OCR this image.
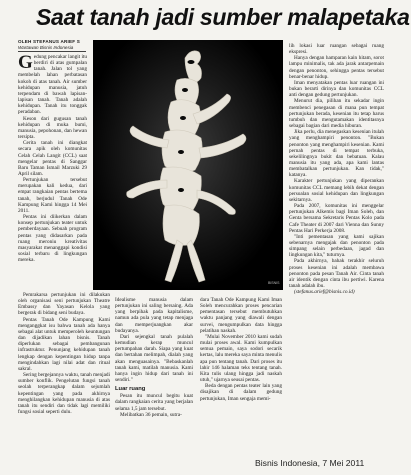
Saat tanah jadi sumber malapetaka
OLEH STEFANUS ARIEF S
Wartawan Bisnis Indonesia

Gedung pencakar langit itu berdiri di atas gumpalan tanah. Jalan tol yang membelah lahan perbatasan kokoh di atas tanah. Air sumber kehidupan manusia, jatuh terpendam di bawah lapisan-lapisan tanah. Tanah adalah kehidupan. Tanah itu tonggak peradaban.

Keson dari gugusan tanah kehidupan di muka bumi, manusia, pepohonan, dan hewan tersiptа.

Cerita tanah ini diangkat secara apik oleh komunitas Celah Celah Langit (CCL) saat mengelar pentas di Sanggar Baru Taman Ismail Marzuki 29 April silam.

Pertunjukan tersebut merupakan kali kedua, dari empat rangkaian pentas bertema tanah, berjudul Tanah Ode Kampung Kami hingga 14 Mei 2011.

Pentas ini diikerkan dalam konsep pertunjukan teater untuk pemberdayaan. Sebuah program pentas yang didasarkan pada ruang meroniu kreativitas masyarakat menanggapi kondisi sosial terbaru di lingkungan mereka.

BISNIS

Pemrakarsa pertunjukan ini dilakukan oleh organisasi seni pertunjukan Theatre Embassy dan Yayasan Kelola yang bergerak di bidang seni budaya.

Pentas Tanah Ode Kampung Kami menganggkat isu bahwa tanah ada hanya sebagai alat untuk memperoleh keuntungan dan dijadikan lahan bisnis. Tanah diperlukan sebagai pembangunan infrastruktur. Penunjang kehidupan tanah lengkap dengan kepentingan hidup tanpa mengindahkan lagi nilai adat dan ritual sakral.

Sering bergejannya waktu, tanah menjadi sumber konflik. Pengelutan fungsi tanah seolah terperangkap dalam sejumlah kepentingan yang pada akhirnya menghilangkan kehidupan manusia di atas tanah itu sendiri dan tidak lagi memiliki fungsi sosial seperti dulu.

Idealisme manusia dalam pertunjukan ini saling bersaing. Ada yang berpihak pada kapitalisme, namun ada pula yang tetap menjaga dan memperjuangkan akar budayanya.

Dari sejengkal tanah pulalah kemudian kerap muncul pertumpahan darah. Siapa yang kuat dan bertahan melimpah, dialah yang akan menguasainya. "Bebaskanlah tanah kami, matilah manusia. Kami hanya ingin hidup dari tanah ini sendiri."

Luar ruang

Pesan itu muncul begitu kuat dalam rangkaian cerita yang berjalan selama 1,5 jam tersebut.

Melibatkan 36 pemain, sutra-

dara Tanah Ode Kampung Kami Iman Soleh mencurahkan proses pencarian pementasan tersebut membutuhkan waktu panjang yang diawali dengan survei, mengumpulkan data hingga pelatihan naskah.

"Mulai November 2010 kami sudah mulai proses awal. Kami kumpulkan semua pemain, saya sodori secarik kertas, lalu mereka saya minta menulis apa pun tentang tanah. Dari proses itu lahir 146 halaman teks tentang tanah. Kita tulis ulang hingga jadi naskah utuh," ujarnya seusai pentas.

Beda dengan pentas teater lain yang disajikan di dalam gedung pertunjukan, Iman sengaja memi-

lih lokasi luar ruangan sebagai ruang ekspresi.

Hanya dengan hamparan kain hitam, sorot lampu minimalis, tak ada jarak antarpemain dengan penonton, sehingga pentas tersebut benar-benar hidup.

Iman menyatakan pentas luar ruangan ini bukan berarti dirinya dan komunitas CCL anti dengan gedung pertunjukan.

Menurut dia, pilihan itu sekadar ingin membenci penegasan di mana pun tempat pertunjukan berada, kesenian itu tetap harus tumbuh dan mengutamakan identitasnya sebagai bagian dari media hiburan.

Jika perlu, dia menegaskan kesenian itulah yang menghampiri penonton. "Bukan penonton yang menghampiri kesenian. Kami pernah pentas di tempat terbuka, sekelilingnya bukit dan bebatuan. Kalau manusia itu yang ada, apa kami lantas membatalkan pertunjukan. Kan tidak," katanya.

Karakter pertunjukan yang diperankan komunitas CCL memang lebih dekat dengan persoalan sosial kehidupan dan lingkungan sekitarnya.

Pada 2007, komunitas ini menggelar pertunjukan Alkemis bagi Iman Soleh, dan Genta bersama Sekretaris Pentas Kolo pada Cafe Theater di 2007 dari Vienna dan Sunny Pentas Hari Perkerja 2008.

"Inti pementasan yang kami sajikan sebenarnya mengajak dan penonton pada simpang selain perbedaan, jagad dan lingkungan kita," tuturnya.

Pada akhirnya, bahak terakhir seluruh proses kesenian ini adalah membawa penonton pada pesan Tanah Air. Cinta tanah air identik dengan cinta ibu pertiwi. Karena tanah adalah ibu.

(stefanus.arief@bisnis.co.id)

Bisnis Indonesia, 7 Mei 2011
